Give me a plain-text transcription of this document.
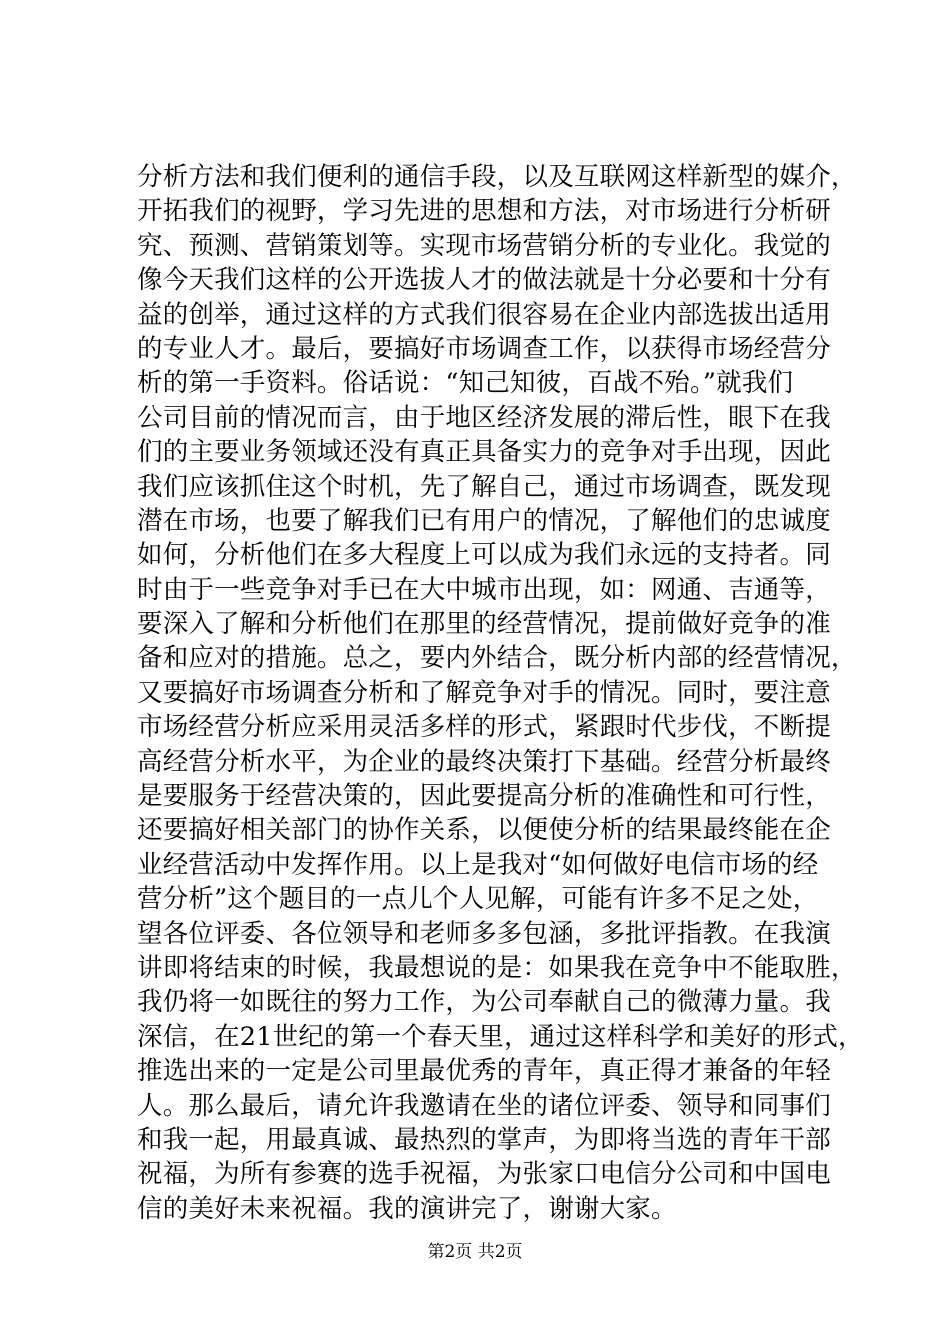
分析方法和我们便利的通信手段，以及互联网这样新型的媒介，
开拓我们的视野，学习先进的思想和方法，对市场进行分析研
究、预测、营销策划等。实现市场营销分析的专业化。我觉的
像今天我们这样的公开选拔人才的做法就是十分必要和十分有
益的创举，通过这样的方式我们很容易在企业内部选拔出适用
的专业人才。最后，要搞好市场调查工作，以获得市场经营分
析的第一手资料。俗话说：“知己知彼，百战不殆。”就我们
公司目前的情况而言，由于地区经济发展的滞后性，眼下在我
们的主要业务领域还没有真正具备实力的竞争对手出现，因此
我们应该抓住这个时机，先了解自己，通过市场调查，既发现
潜在市场，也要了解我们已有用户的情况，了解他们的忠诚度
如何，分析他们在多大程度上可以成为我们永远的支持者。同
时由于一些竞争对手已在大中城市出现，如：网通、吉通等，
要深入了解和分析他们在那里的经营情况，提前做好竞争的准
备和应对的措施。总之，要内外结合，既分析内部的经营情况，
又要搞好市场调查分析和了解竞争对手的情况。同时，要注意
市场经营分析应采用灵活多样的形式，紧跟时代步伐，不断提
高经营分析水平，为企业的最终决策打下基础。经营分析最终
是要服务于经营决策的，因此要提高分析的准确性和可行性，
还要搞好相关部门的协作关系，以便使分析的结果最终能在企
业经营活动中发挥作用。以上是我对“如何做好电信市场的经
营分析”这个题目的一点儿个人见解，可能有许多不足之处，
望各位评委、各位领导和老师多多包涵，多批评指教。在我演
讲即将结束的时候，我最想说的是：如果我在竞争中不能取胜，
我仍将一如既往的努力工作，为公司奉献自己的微薄力量。我
深信，在21世纪的第一个春天里，通过这样科学和美好的形式，
推选出来的一定是公司里最优秀的青年，真正得才兼备的年轻
人。那么最后，请允许我邀请在坐的诸位评委、领导和同事们
和我一起，用最真诚、最热烈的掌声，为即将当选的青年干部
祝福，为所有参赛的选手祝福，为张家口电信分公司和中国电
信的美好未来祝福。我的演讲完了，谢谢大家。
第2页 共2页
